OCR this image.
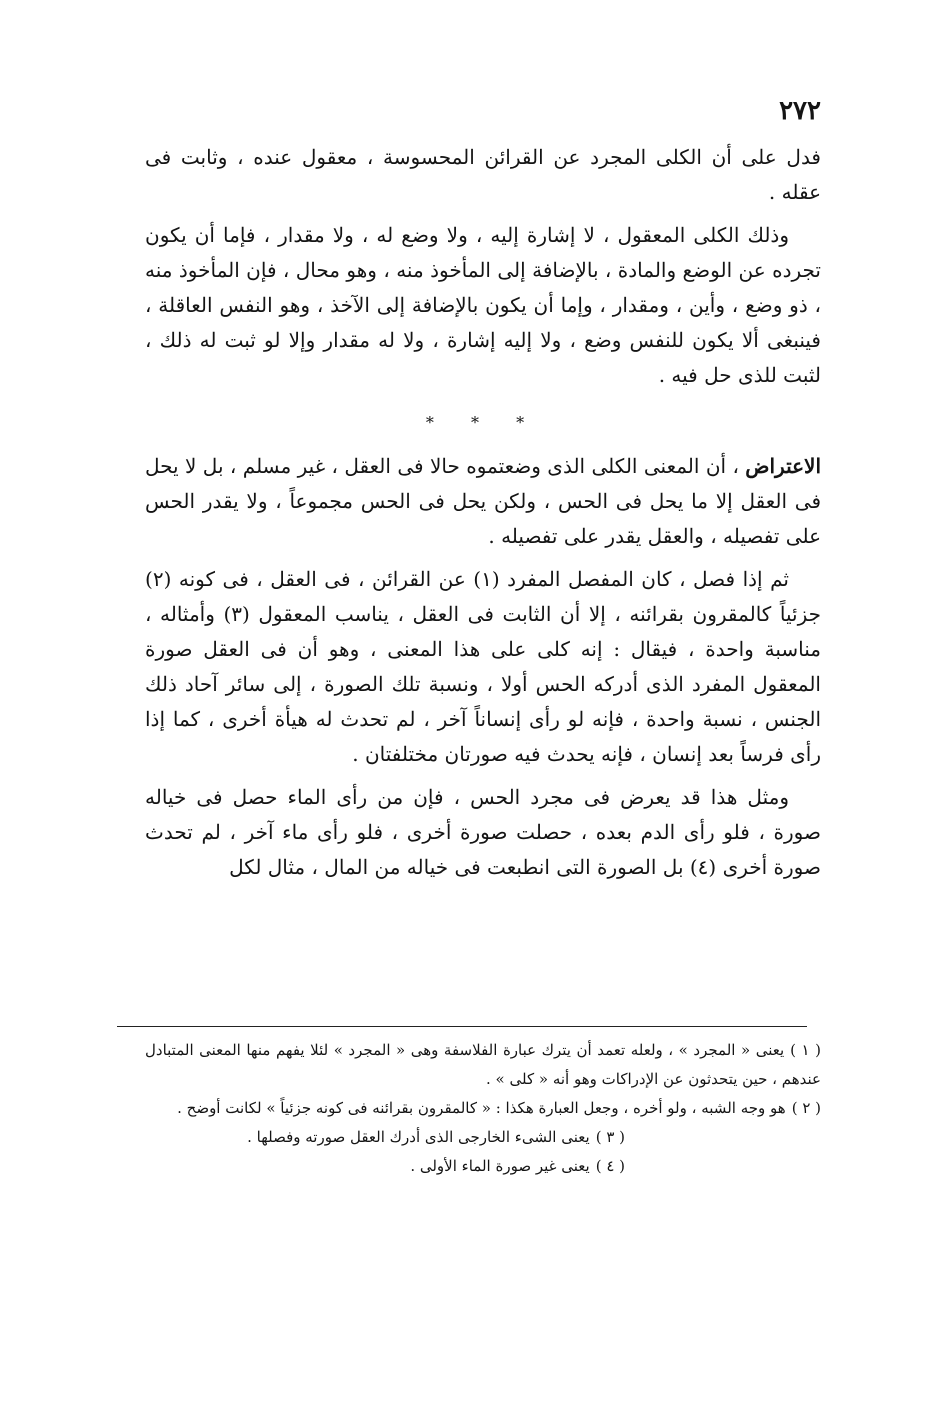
٢٧٢

فدل على أن الكلى المجرد عن القرائن المحسوسة ، معقول عنده ، وثابت فى عقله .

وذلك الكلى المعقول ، لا إشارة إليه ، ولا وضع له ، ولا مقدار ، فإما أن يكون تجرده عن الوضع والمادة ، بالإضافة إلى المأخوذ منه ، وهو محال ، فإن المأخوذ منه ، ذو وضع ، وأين ، ومقدار ، وإما أن يكون بالإضافة إلى الآخذ ، وهو النفس العاقلة ، فينبغى ألا يكون للنفس وضع ، ولا إليه إشارة ، ولا له مقدار وإلا لو ثبت له ذلك ، لثبت للذى حل فيه .

* * *

الاعتراض ، أن المعنى الكلى الذى وضعتموه حالا فى العقل ، غير مسلم ، بل لا يحل فى العقل إلا ما يحل فى الحس ، ولكن يحل فى الحس مجموعاً ، ولا يقدر الحس على تفصيله ، والعقل يقدر على تفصيله .

ثم إذا فصل ، كان المفصل المفرد (١) عن القرائن ، فى العقل ، فى كونه (٢) جزئياً كالمقرون بقرائنه ، إلا أن الثابت فى العقل ، يناسب المعقول (٣) وأمثاله ، مناسبة واحدة ، فيقال : إنه كلى على هذا المعنى ، وهو أن فى العقل صورة المعقول المفرد الذى أدركه الحس أولا ، ونسبة تلك الصورة ، إلى سائر آحاد ذلك الجنس ، نسبة واحدة ، فإنه لو رأى إنساناً آخر ، لم تحدث له هيأة أخرى ، كما إذا رأى فرساً بعد إنسان ، فإنه يحدث فيه صورتان مختلفتان .

ومثل هذا قد يعرض فى مجرد الحس ، فإن من رأى الماء حصل فى خياله صورة ، فلو رأى الدم بعده ، حصلت صورة أخرى ، فلو رأى ماء آخر ، لم تحدث صورة أخرى (٤) بل الصورة التى انطبعت فى خياله من المال ، مثال لكل

( ١ )يعنى « المجرد » ، ولعله تعمد أن يترك عبارة الفلاسفة وهى « المجرد » لئلا يفهم منها المعنى المتبادل عندهم ، حين يتحدثون عن الإدراكات وهو أنه « كلى » .

( ٢ )هو وجه الشبه ، ولو أخره ، وجعل العبارة هكذا : « كالمقرون بقرائنه فى كونه جزئياً » لكانت أوضح .

( ٣ )يعنى الشىء الخارجى الذى أدرك العقل صورته وفصلها .

( ٤ )يعنى غير صورة الماء الأولى .
